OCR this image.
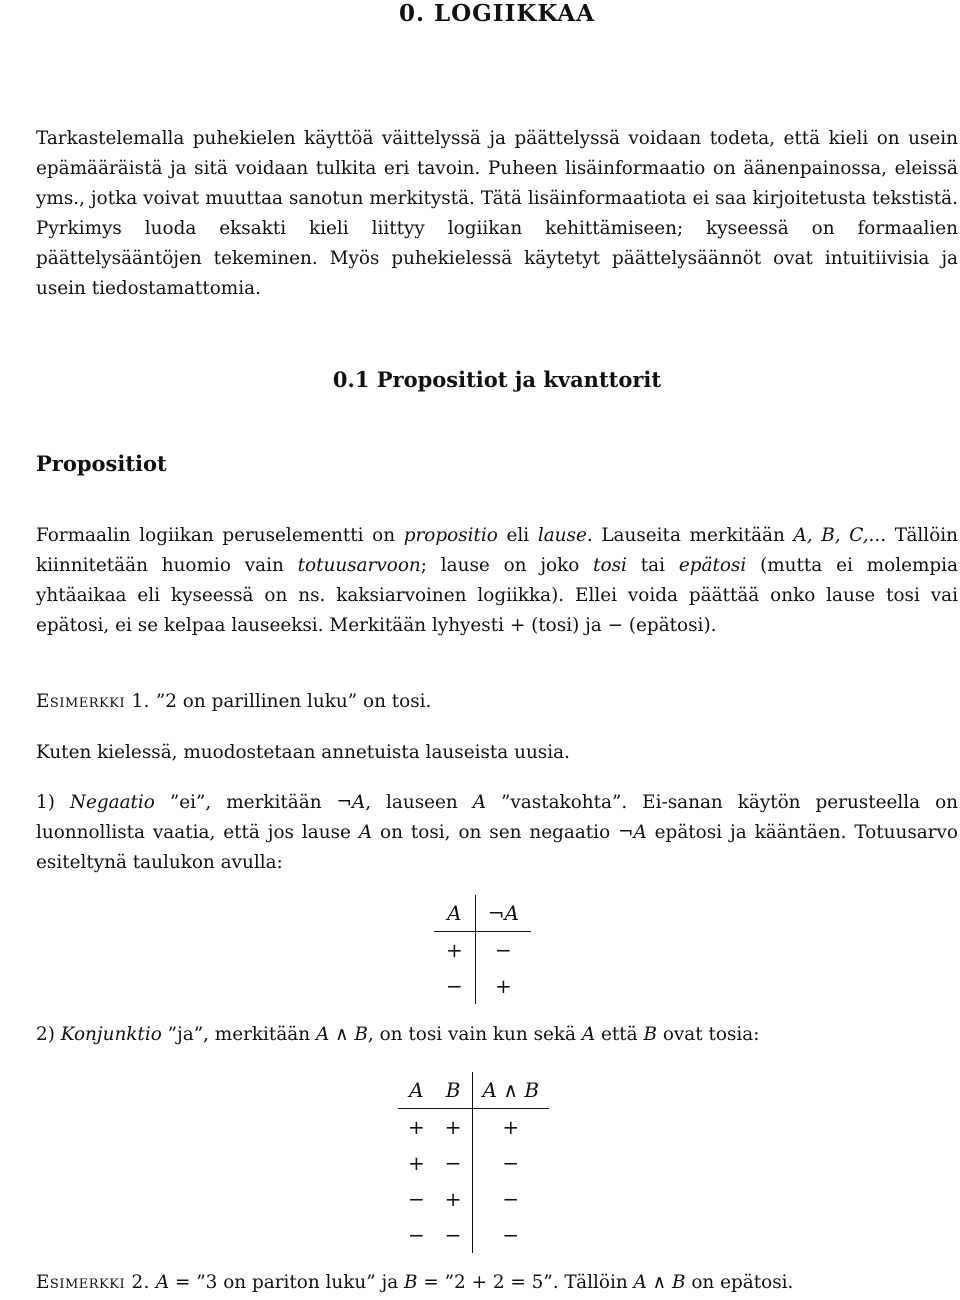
0. LOGIIKKAA

Tarkastelemalla puhekielen käyttöä väittelyssä ja päättelyssä voidaan todeta, että kieli on usein epämääräistä ja sitä voidaan tulkita eri tavoin. Puheen lisäinformaatio on äänenpainossa, eleissä yms., jotka voivat muuttaa sanotun merkitystä. Tätä lisäinformaatiota ei saa kirjoitetusta tekstistä. Pyrkimys luoda eksakti kieli liittyy logiikan kehittämiseen; kyseessä on formaalien päättelysääntöjen tekeminen. Myös puhekielessä käytetyt päättelysäännöt ovat intuitiivisia ja usein tiedostamattomia.

0.1 Propositiot ja kvanttorit
Propositiot

Formaalin logiikan peruselementti on propositio eli lause. Lauseita merkitään A, B, C,... Tällöin kiinnitetään huomio vain totuusarvoon; lause on joko tosi tai epätosi (mutta ei molempia yhtäaikaa eli kyseessä on ns. kaksiarvoinen logiikka). Ellei voida päättää onko lause tosi vai epätosi, ei se kelpaa lauseeksi. Merkitään lyhyesti + (tosi) ja − (epätosi).

Esimerkki 1. ”2 on parillinen luku” on tosi.

Kuten kielessä, muodostetaan annetuista lauseista uusia.

1) Negaatio ”ei”, merkitään ¬A, lauseen A ”vastakohta”. Ei-sanan käytön perusteella on luonnollista vaatia, että jos lause A on tosi, on sen negaatio ¬A epätosi ja kääntäen. Totuusarvo esiteltynä taulukon avulla:

A	¬A
+	−
−	+

2) Konjunktio ”ja”, merkitään A ∧ B, on tosi vain kun sekä A että B ovat tosia:

A	B	A ∧ B
+	+	+
+	−	−
−	+	−
−	−	−

Esimerkki 2. A = ”3 on pariton luku” ja B = ”2 + 2 = 5”. Tällöin A ∧ B on epätosi.
